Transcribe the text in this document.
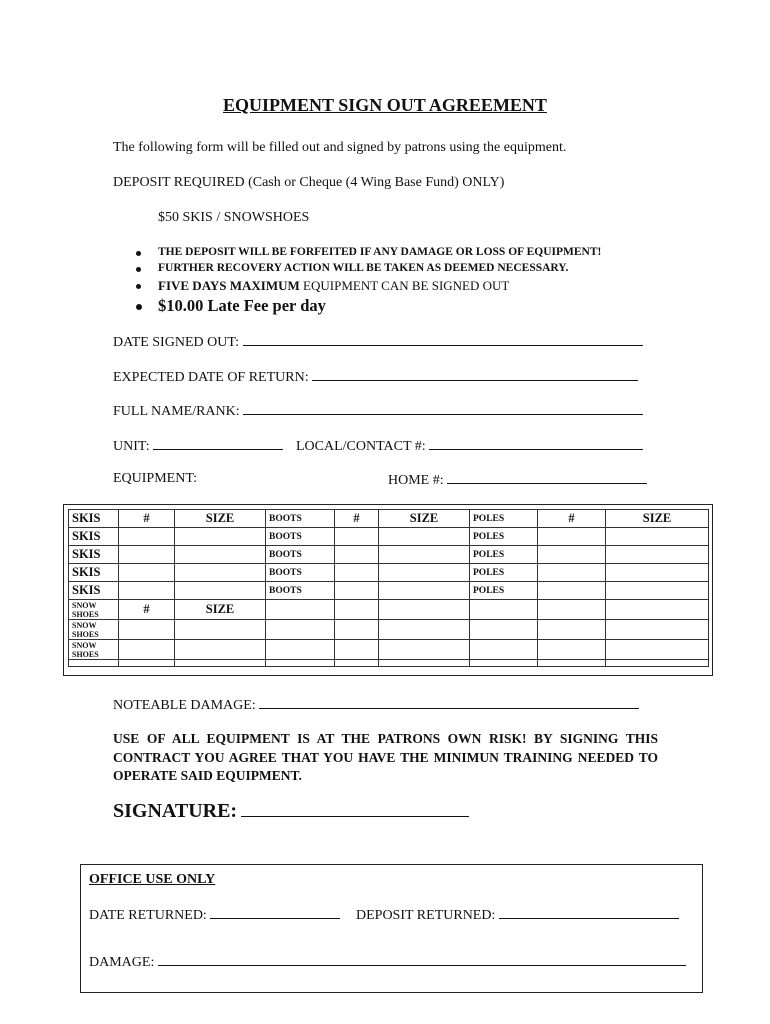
EQUIPMENT SIGN OUT AGREEMENT
The following form will be filled out and signed by patrons using the equipment.
DEPOSIT REQUIRED (Cash or Cheque (4 Wing Base Fund) ONLY)
$50 SKIS / SNOWSHOES
THE DEPOSIT WILL BE FORFEITED IF ANY DAMAGE OR LOSS OF EQUIPMENT!
FURTHER RECOVERY ACTION WILL BE TAKEN AS DEEMED NECESSARY.
FIVE DAYS MAXIMUM EQUIPMENT CAN BE SIGNED OUT
$10.00 Late Fee per day
DATE SIGNED OUT:
EXPECTED DATE OF RETURN:
FULL NAME/RANK:
UNIT:	LOCAL/CONTACT #:
EQUIPMENT:	HOME #:
SKIS	#	SIZE	BOOTS	#	SIZE	POLES	#	SIZE
SKIS			BOOTS			POLES		
SKIS			BOOTS			POLES		
SKIS			BOOTS			POLES		
SKIS			BOOTS			POLES		
SNOW
SHOES	#	SIZE						
SNOW
SHOES								
SNOW
SHOES								

NOTEABLE DAMAGE:
USE OF ALL EQUIPMENT IS AT THE PATRONS OWN RISK! BY SIGNING THIS CONTRACT YOU AGREE THAT YOU HAVE THE MINIMUN TRAINING NEEDED TO OPERATE SAID EQUIPMENT.
SIGNATURE:
OFFICE USE ONLY
DATE RETURNED:	DEPOSIT RETURNED:
DAMAGE:
